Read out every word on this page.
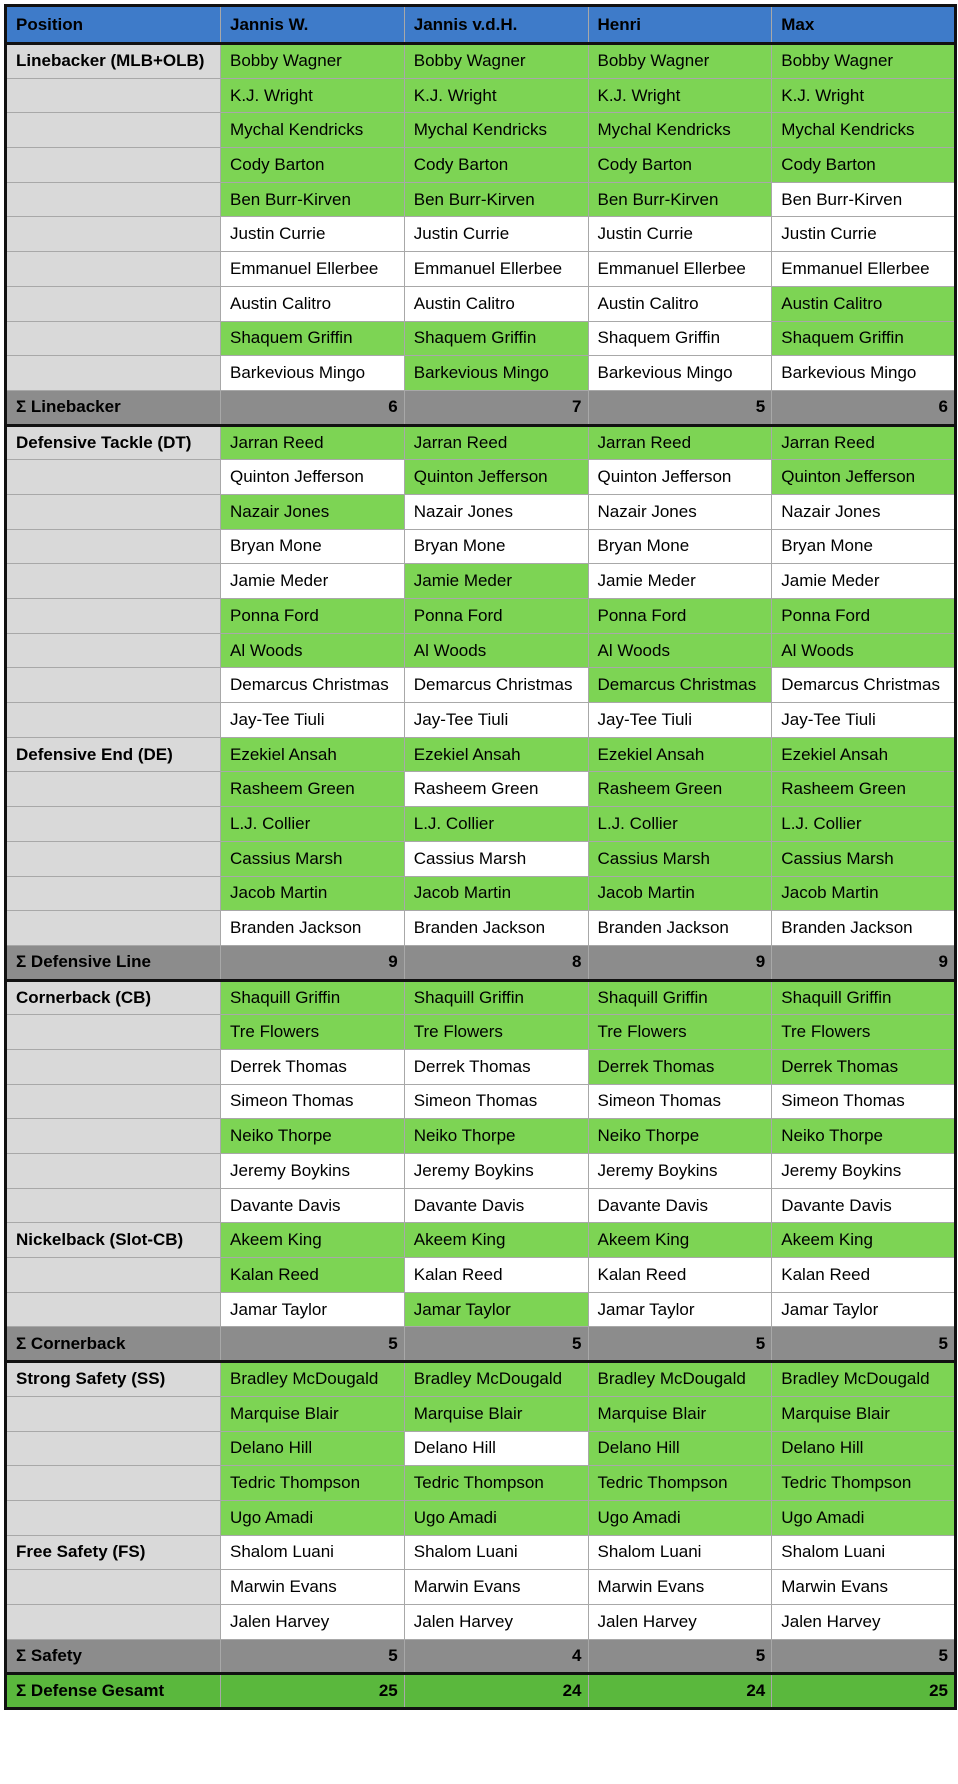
Position	Jannis W.	Jannis v.d.H.	Henri	Max
Linebacker (MLB+OLB)	Bobby Wagner	Bobby Wagner	Bobby Wagner	Bobby Wagner
	K.J. Wright	K.J. Wright	K.J. Wright	K.J. Wright
	Mychal Kendricks	Mychal Kendricks	Mychal Kendricks	Mychal Kendricks
	Cody Barton	Cody Barton	Cody Barton	Cody Barton
	Ben Burr-Kirven	Ben Burr-Kirven	Ben Burr-Kirven	Ben Burr-Kirven
	Justin Currie	Justin Currie	Justin Currie	Justin Currie
	Emmanuel Ellerbee	Emmanuel Ellerbee	Emmanuel Ellerbee	Emmanuel Ellerbee
	Austin Calitro	Austin Calitro	Austin Calitro	Austin Calitro
	Shaquem Griffin	Shaquem Griffin	Shaquem Griffin	Shaquem Griffin
	Barkevious Mingo	Barkevious Mingo	Barkevious Mingo	Barkevious Mingo
Σ Linebacker	6	7	5	6
Defensive Tackle (DT)	Jarran Reed	Jarran Reed	Jarran Reed	Jarran Reed
	Quinton Jefferson	Quinton Jefferson	Quinton Jefferson	Quinton Jefferson
	Nazair Jones	Nazair Jones	Nazair Jones	Nazair Jones
	Bryan Mone	Bryan Mone	Bryan Mone	Bryan Mone
	Jamie Meder	Jamie Meder	Jamie Meder	Jamie Meder
	Ponna Ford	Ponna Ford	Ponna Ford	Ponna Ford
	Al Woods	Al Woods	Al Woods	Al Woods
	Demarcus Christmas	Demarcus Christmas	Demarcus Christmas	Demarcus Christmas
	Jay-Tee Tiuli	Jay-Tee Tiuli	Jay-Tee Tiuli	Jay-Tee Tiuli
Defensive End (DE)	Ezekiel Ansah	Ezekiel Ansah	Ezekiel Ansah	Ezekiel Ansah
	Rasheem Green	Rasheem Green	Rasheem Green	Rasheem Green
	L.J. Collier	L.J. Collier	L.J. Collier	L.J. Collier
	Cassius Marsh	Cassius Marsh	Cassius Marsh	Cassius Marsh
	Jacob Martin	Jacob Martin	Jacob Martin	Jacob Martin
	Branden Jackson	Branden Jackson	Branden Jackson	Branden Jackson
Σ Defensive Line	9	8	9	9
Cornerback (CB)	Shaquill Griffin	Shaquill Griffin	Shaquill Griffin	Shaquill Griffin
	Tre Flowers	Tre Flowers	Tre Flowers	Tre Flowers
	Derrek Thomas	Derrek Thomas	Derrek Thomas	Derrek Thomas
	Simeon Thomas	Simeon Thomas	Simeon Thomas	Simeon Thomas
	Neiko Thorpe	Neiko Thorpe	Neiko Thorpe	Neiko Thorpe
	Jeremy Boykins	Jeremy Boykins	Jeremy Boykins	Jeremy Boykins
	Davante Davis	Davante Davis	Davante Davis	Davante Davis
Nickelback (Slot-CB)	Akeem King	Akeem King	Akeem King	Akeem King
	Kalan Reed	Kalan Reed	Kalan Reed	Kalan Reed
	Jamar Taylor	Jamar Taylor	Jamar Taylor	Jamar Taylor
Σ Cornerback	5	5	5	5
Strong Safety (SS)	Bradley McDougald	Bradley McDougald	Bradley McDougald	Bradley McDougald
	Marquise Blair	Marquise Blair	Marquise Blair	Marquise Blair
	Delano Hill	Delano Hill	Delano Hill	Delano Hill
	Tedric Thompson	Tedric Thompson	Tedric Thompson	Tedric Thompson
	Ugo Amadi	Ugo Amadi	Ugo Amadi	Ugo Amadi
Free Safety (FS)	Shalom Luani	Shalom Luani	Shalom Luani	Shalom Luani
	Marwin Evans	Marwin Evans	Marwin Evans	Marwin Evans
	Jalen Harvey	Jalen Harvey	Jalen Harvey	Jalen Harvey
Σ Safety	5	4	5	5
Σ Defense Gesamt	25	24	24	25
